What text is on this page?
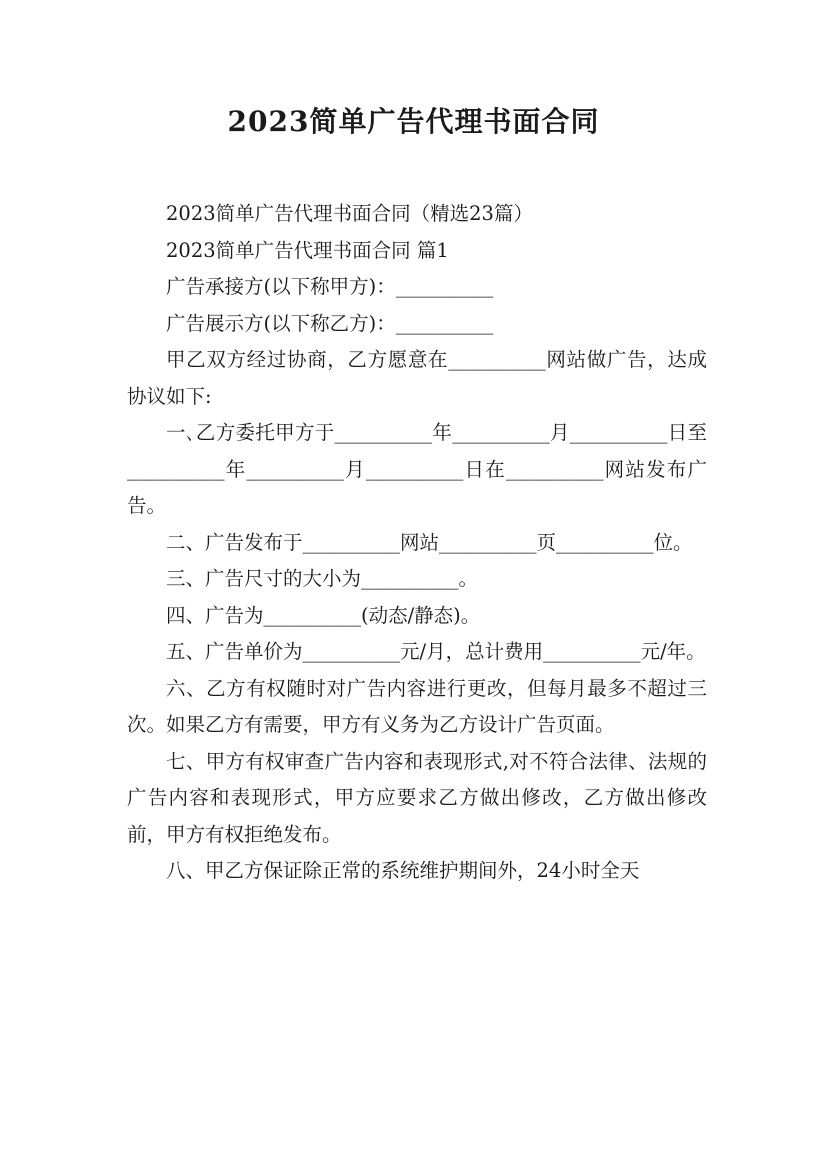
2023简单广告代理书面合同

2023简单广告代理书面合同（精选23篇）

2023简单广告代理书面合同 篇1

广告承接方(以下称甲方)：__________

广告展示方(以下称乙方)：__________

甲乙双方经过协商，乙方愿意在__________网站做广告，达成协议如下:

一､乙方委托甲方于__________年__________月__________日至__________年__________月__________日在__________网站发布广告。

二、广告发布于__________网站__________页__________位。

三、广告尺寸的大小为__________。

四、广告为__________(动态/静态)。

五、广告单价为__________元/月，总计费用__________元/年。

六、乙方有权随时对广告内容进行更改，但每月最多不超过三次。如果乙方有需要，甲方有义务为乙方设计广告页面。

七、甲方有权审查广告内容和表现形式,对不符合法律、法规的广告内容和表现形式，甲方应要求乙方做出修改，乙方做出修改前，甲方有权拒绝发布。

八、甲乙方保证除正常的系统维护期间外，24小时全天
